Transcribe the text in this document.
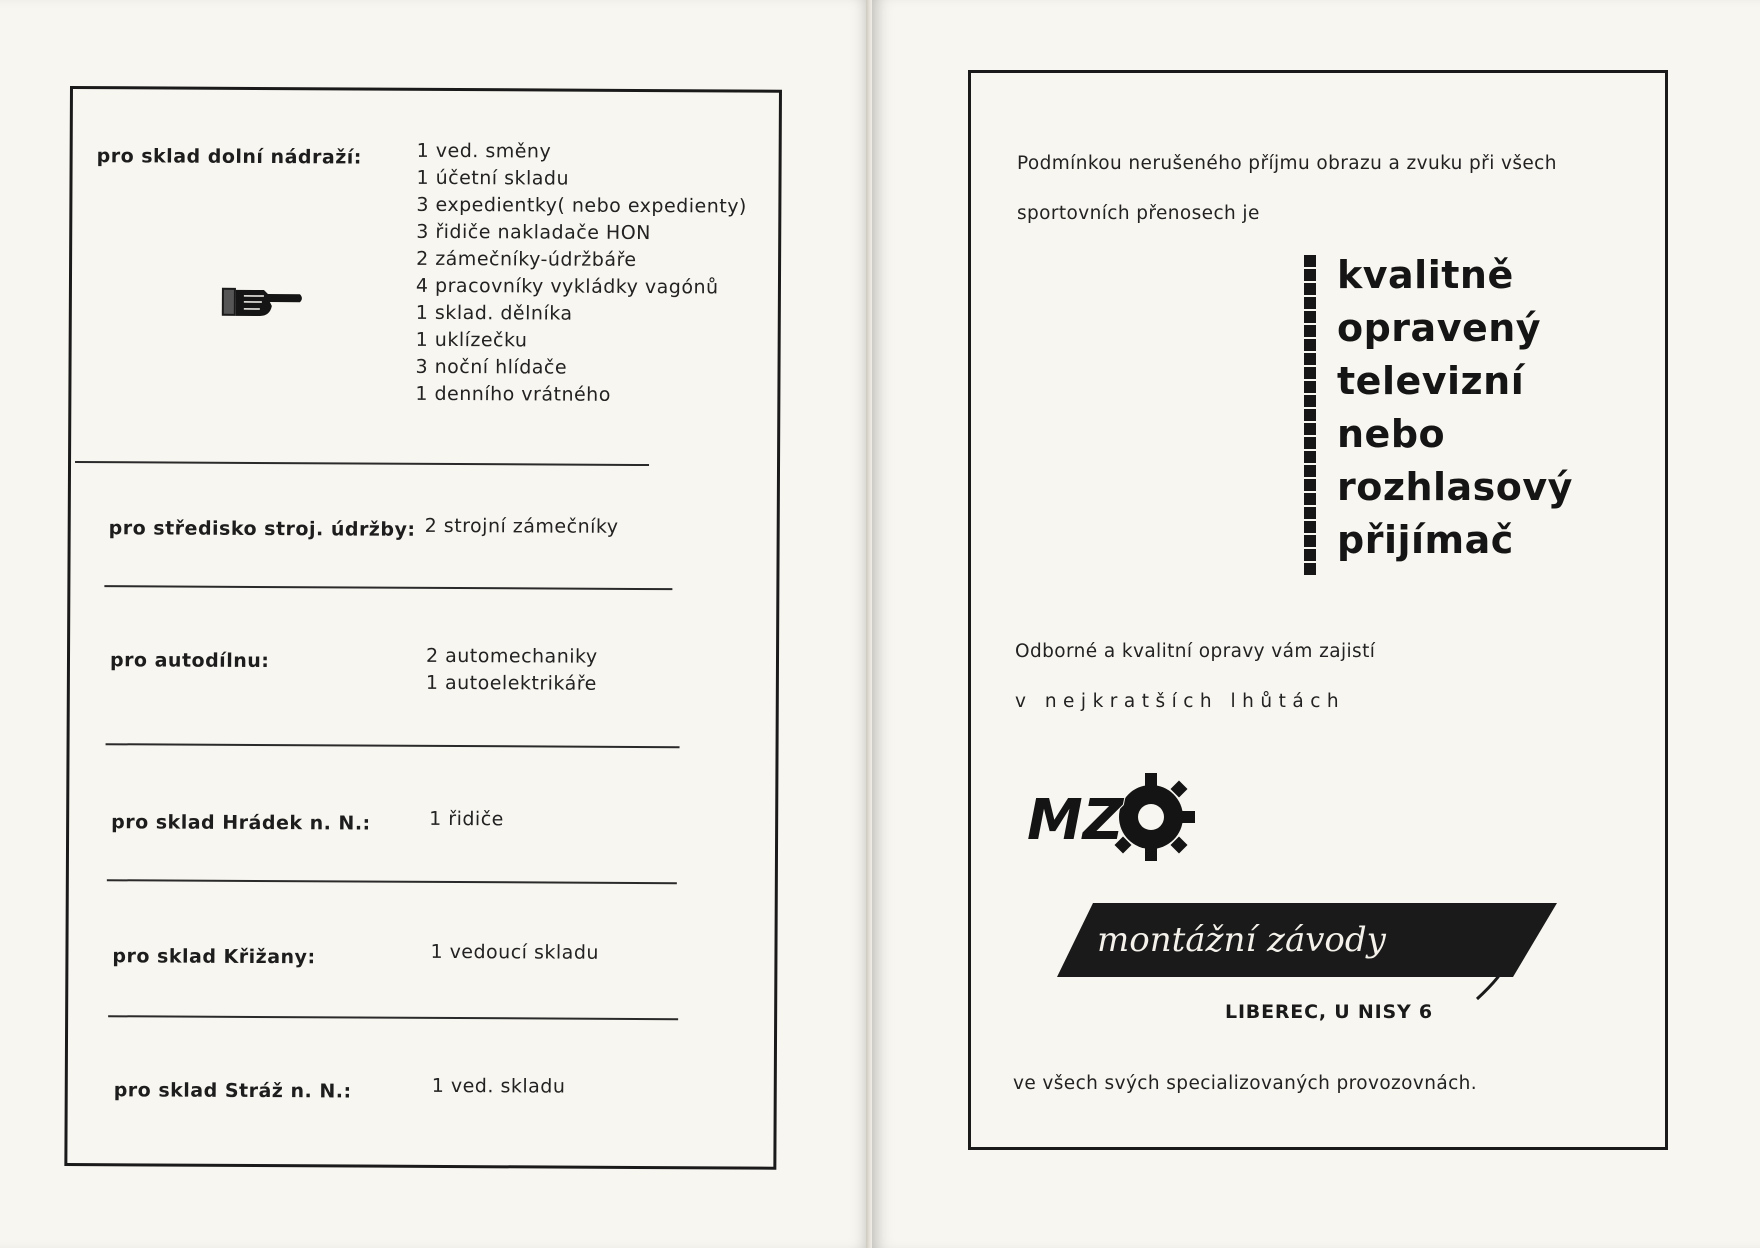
pro sklad dolní nádraží:	1 ved. směny
1 účetní skladu
3 expedientky( nebo expedienty)
3 řidiče nakladače HON
2 zámečníky-údržbáře
4 pracovníky vykládky vagónů
1 sklad. dělníka
1 uklízečku
3 noční hlídače
1 denního vrátného
pro středisko stroj. údržby: 2 strojní zámečníky
pro autodílnu:	2 automechaniky
1 autoelektrikáře
pro sklad Hrádek n. N.:	1 řidiče
pro sklad Křižany:	1 vedoucí skladu
pro sklad Stráž n. N.:	1 ved. skladu
Podmínkou nerušeného příjmu obrazu a zvuku při všech
sportovních přenosech je
kvalitně
opravený
televizní
nebo
rozhlasový
přijímač
Odborné a kvalitní opravy vám zajistí
v nejkratších lhůtách
MZ
montážní závody
LIBEREC, U NISY 6
ve všech svých specializovaných provozovnách.
